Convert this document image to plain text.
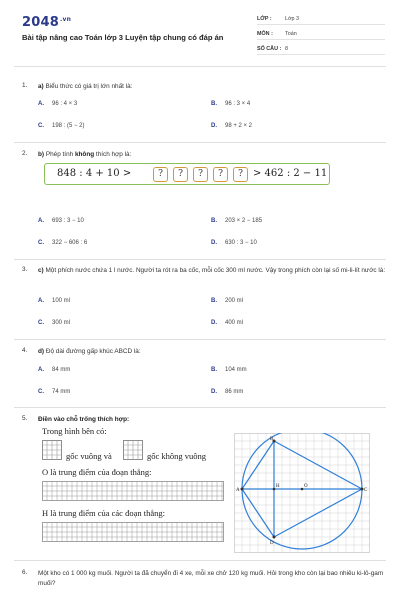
$2048^{.vn}$
Bài tập nâng cao Toán lớp 3 Luyện tập chung có đáp án
LỚP : Lớp 3
MÔN : Toán
SỐ CÂU : 8
1. a) Biểu thức có giá trị lớn nhất là:
A. 96 : 4 × 3	B. 96 : 3 × 4
C. 198 : (5 − 2)	D. 98 + 2 × 2
2. b) Phép tính không thích hợp là:
848 : 4 + 10 >	?	?	?	?	?	> 462 : 2 − 11
A. 693 : 3 − 10	B. 203 × 2 − 185
C. 322 − 606 : 6	D. 630 : 3 − 10
3. c) Một phích nước chứa 1 l nước. Người ta rót ra ba cốc, mỗi cốc 300 ml nước. Vậy trong phích còn lại số mi-li-lít nước là:
A. 100 ml	B. 200 ml
C. 300 ml	D. 400 ml
4. d) Độ dài đường gấp khúc ABCD là:
A. 84 mm	B. 104 mm
C. 74 mm	D. 86 mm
5. Điền vào chỗ trống thích hợp:
Trong hình bên có:
gốc vuông và	gốc không vuông
O là trung điểm của đoạn thẳng:
H là trung điểm của các đoạn thẳng:
A	C
B
D
H	O
6. Một kho có 1 000 kg muối. Người ta đã chuyển đi 4 xe, mỗi xe chở 120 kg muối. Hỏi trong kho còn lại bao nhiêu ki-lô-gam muối?
